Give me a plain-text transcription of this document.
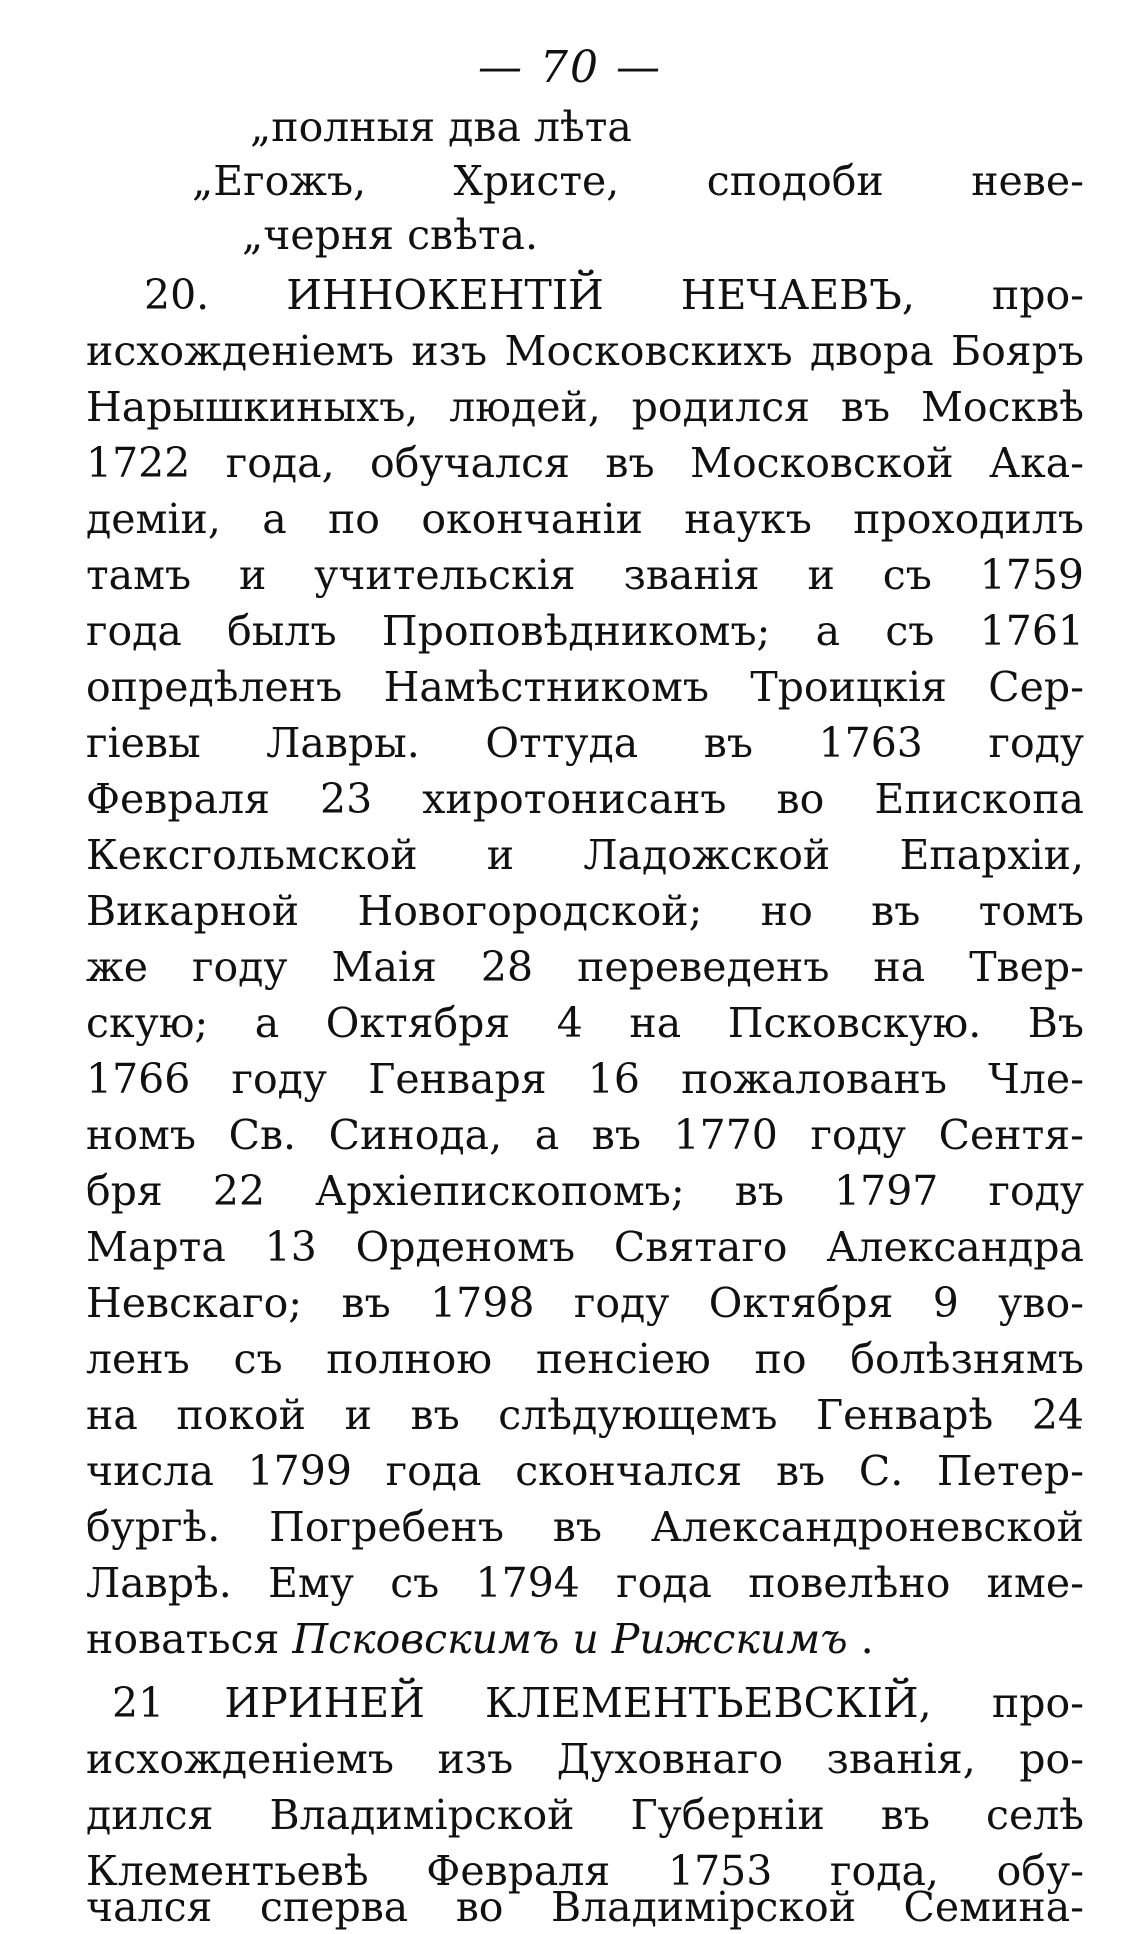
— 70 —
„полныя два лѣта
„Егожъ, Христе, сподоби неве-
„черня свѣта.
20. ИННОКЕНТІЙ НЕЧАЕВЪ, про-
исхожденіемъ изъ Московскихъ двора Бояръ
Нарышкиныхъ, людей, родился въ Москвѣ
1722 года, обучался въ Московской Ака-
деміи, а по окончаніи наукъ проходилъ
тамъ и учительскія званія и съ 1759
года былъ Проповѣдникомъ; а съ 1761
опредѣленъ Намѣстникомъ Троицкія Сер-
гіевы Лавры. Оттуда въ 1763 году
Февраля 23 хиротонисанъ во Епископа
Кексгольмской и Ладожской Епархіи,
Викарной Новогородской; но въ томъ
же году Маія 28 переведенъ на Твер-
скую; а Октября 4 на Псковскую. Въ
1766 году Генваря 16 пожалованъ Чле-
номъ Св. Синода, а въ 1770 году Сентя-
бря 22 Архіепископомъ; въ 1797 году
Марта 13 Орденомъ Святаго Александра
Невскаго; въ 1798 году Октября 9 уво-
ленъ съ полною пенсіею по болѣзнямъ
на покой и въ слѣдующемъ Генварѣ 24
числа 1799 года скончался въ С. Петер-
бургѣ. Погребенъ въ Александроневской
Лаврѣ. Ему съ 1794 года повелѣно име-
новаться Псковскимъ и Рижскимъ .
21 ИРИНЕЙ КЛЕМЕНТЬЕВСКІЙ, про-
исхожденіемъ изъ Духовнаго званія, ро-
дился Владимірской Губерніи въ селѣ
Клементьевѣ Февраля 1753 года, обу-
чался сперва во Владимірской Семина-
